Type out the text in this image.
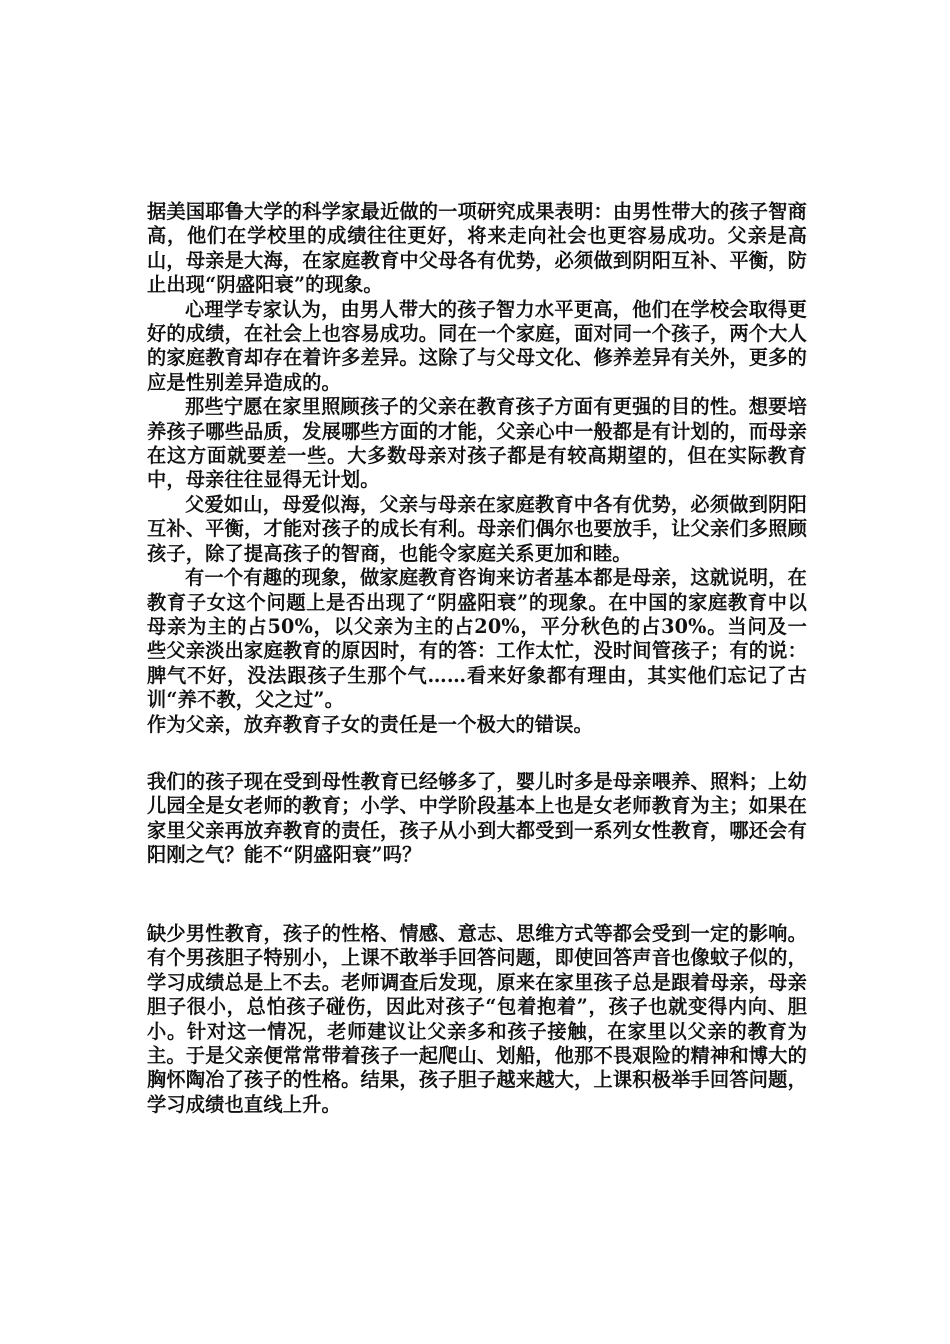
据美国耶鲁大学的科学家最近做的一项研究成果表明：由男性带大的孩子智商高，他们在学校里的成绩往往更好，将来走向社会也更容易成功。父亲是高山，母亲是大海，在家庭教育中父母各有优势，必须做到阴阳互补、平衡，防止出现“阴盛阳衰”的现象。

心理学专家认为，由男人带大的孩子智力水平更高，他们在学校会取得更好的成绩，在社会上也容易成功。同在一个家庭，面对同一个孩子，两个大人的家庭教育却存在着许多差异。这除了与父母文化、修养差异有关外，更多的应是性别差异造成的。

那些宁愿在家里照顾孩子的父亲在教育孩子方面有更强的目的性。想要培养孩子哪些品质，发展哪些方面的才能，父亲心中一般都是有计划的，而母亲在这方面就要差一些。大多数母亲对孩子都是有较高期望的，但在实际教育中，母亲往往显得无计划。

父爱如山，母爱似海，父亲与母亲在家庭教育中各有优势，必须做到阴阳互补、平衡，才能对孩子的成长有利。母亲们偶尔也要放手，让父亲们多照顾孩子，除了提高孩子的智商，也能令家庭关系更加和睦。

有一个有趣的现象，做家庭教育咨询来访者基本都是母亲，这就说明，在教育子女这个问题上是否出现了“阴盛阳衰”的现象。在中国的家庭教育中以母亲为主的占50%，以父亲为主的占20%，平分秋色的占30%。当问及一些父亲淡出家庭教育的原因时，有的答：工作太忙，没时间管孩子；有的说：脾气不好，没法跟孩子生那个气……看来好象都有理由，其实他们忘记了古训“养不教，父之过”。

作为父亲，放弃教育子女的责任是一个极大的错误。

我们的孩子现在受到母性教育已经够多了，婴儿时多是母亲喂养、照料；上幼儿园全是女老师的教育；小学、中学阶段基本上也是女老师教育为主；如果在家里父亲再放弃教育的责任，孩子从小到大都受到一系列女性教育，哪还会有阳刚之气？能不“阴盛阳衰”吗？

缺少男性教育，孩子的性格、情感、意志、思维方式等都会受到一定的影响。有个男孩胆子特别小，上课不敢举手回答问题，即使回答声音也像蚊子似的，学习成绩总是上不去。老师调查后发现，原来在家里孩子总是跟着母亲，母亲胆子很小，总怕孩子碰伤，因此对孩子“包着抱着”，孩子也就变得内向、胆小。针对这一情况，老师建议让父亲多和孩子接触，在家里以父亲的教育为主。于是父亲便常常带着孩子一起爬山、划船，他那不畏艰险的精神和博大的胸怀陶冶了孩子的性格。结果，孩子胆子越来越大，上课积极举手回答问题，学习成绩也直线上升。
